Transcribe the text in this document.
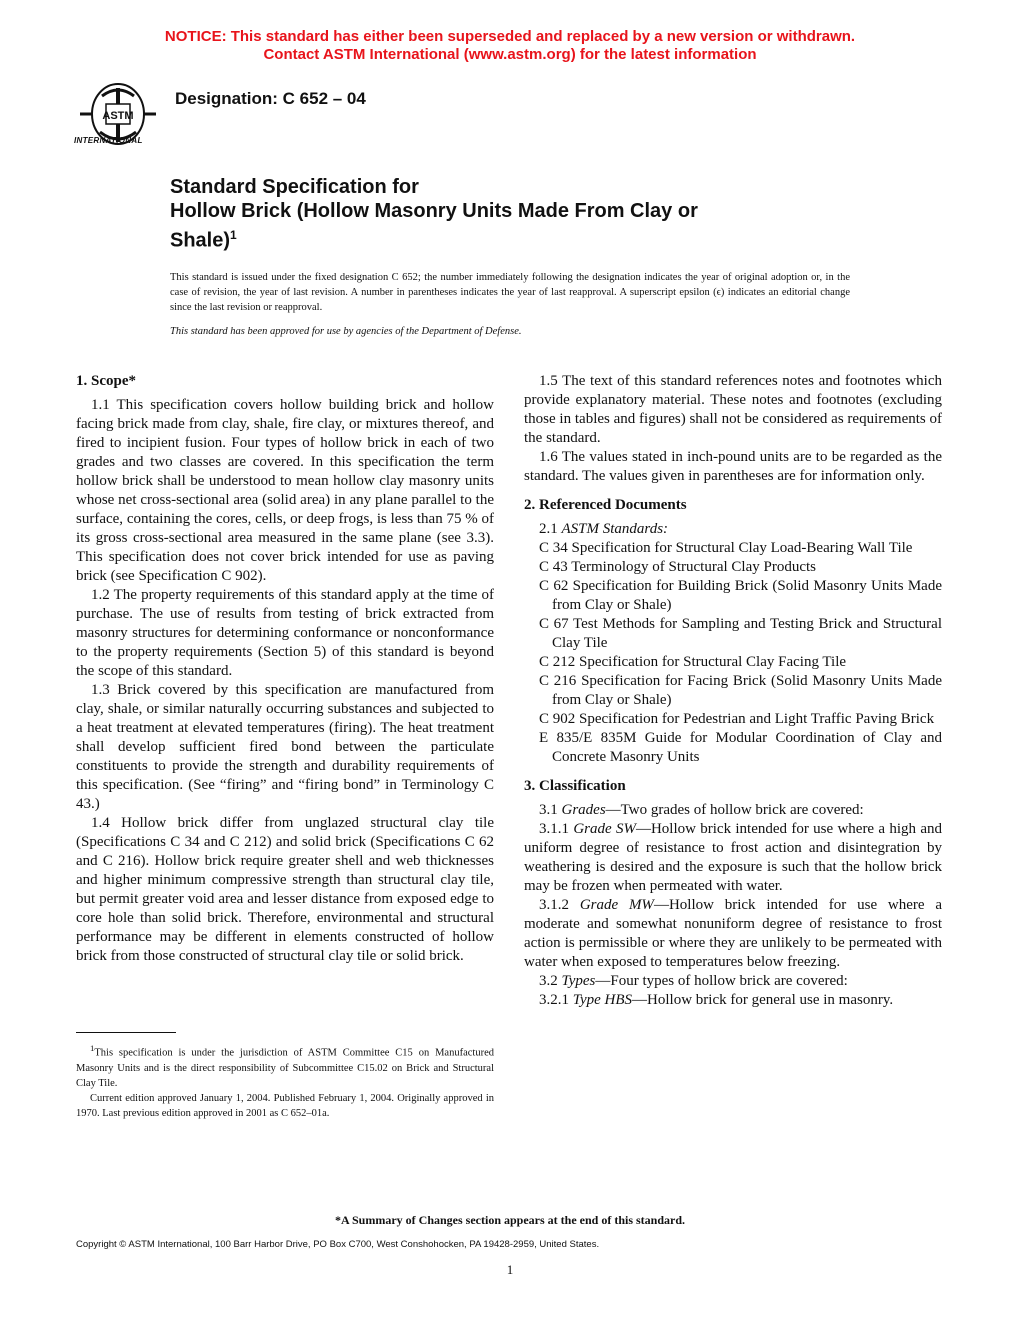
NOTICE: This standard has either been superseded and replaced by a new version or withdrawn.
Contact ASTM International (www.astm.org) for the latest information
ASTM
INTERNATIONAL
Designation: C 652 – 04
Standard Specification for
Hollow Brick (Hollow Masonry Units Made From Clay or
Shale)$^1$
This standard is issued under the fixed designation C 652; the number immediately following the designation indicates the year of original adoption or, in the case of revision, the year of last revision. A number in parentheses indicates the year of last reapproval. A superscript epsilon (ϵ) indicates an editorial change since the last revision or reapproval.
This standard has been approved for use by agencies of the Department of Defense.
1. Scope*

1.1 This specification covers hollow building brick and hollow facing brick made from clay, shale, fire clay, or mixtures thereof, and fired to incipient fusion. Four types of hollow brick in each of two grades and two classes are covered. In this specification the term hollow brick shall be understood to mean hollow clay masonry units whose net cross-sectional area (solid area) in any plane parallel to the surface, containing the cores, cells, or deep frogs, is less than 75 % of its gross cross-sectional area measured in the same plane (see 3.3). This specification does not cover brick intended for use as paving brick (see Specification C 902).

1.2 The property requirements of this standard apply at the time of purchase. The use of results from testing of brick extracted from masonry structures for determining conformance or nonconformance to the property requirements (Section 5) of this standard is beyond the scope of this standard.

1.3 Brick covered by this specification are manufactured from clay, shale, or similar naturally occurring substances and subjected to a heat treatment at elevated temperatures (firing). The heat treatment shall develop sufficient fired bond between the particulate constituents to provide the strength and durability requirements of this specification. (See “firing” and “firing bond” in Terminology C 43.)

1.4 Hollow brick differ from unglazed structural clay tile (Specifications C 34 and C 212) and solid brick (Specifications C 62 and C 216). Hollow brick require greater shell and web thicknesses and higher minimum compressive strength than structural clay tile, but permit greater void area and lesser distance from exposed edge to core hole than solid brick. Therefore, environmental and structural performance may be different in elements constructed of hollow brick from those constructed of structural clay tile or solid brick.

1.5 The text of this standard references notes and footnotes which provide explanatory material. These notes and footnotes (excluding those in tables and figures) shall not be considered as requirements of the standard.

1.6 The values stated in inch-pound units are to be regarded as the standard. The values given in parentheses are for information only.

2. Referenced Documents

2.1 ASTM Standards:

C 34 Specification for Structural Clay Load-Bearing Wall Tile

C 43 Terminology of Structural Clay Products

C 62 Specification for Building Brick (Solid Masonry Units Made from Clay or Shale)

C 67 Test Methods for Sampling and Testing Brick and Structural Clay Tile

C 212 Specification for Structural Clay Facing Tile

C 216 Specification for Facing Brick (Solid Masonry Units Made from Clay or Shale)

C 902 Specification for Pedestrian and Light Traffic Paving Brick

E 835/E 835M Guide for Modular Coordination of Clay and Concrete Masonry Units

3. Classification

3.1 Grades—Two grades of hollow brick are covered:

3.1.1 Grade SW—Hollow brick intended for use where a high and uniform degree of resistance to frost action and disintegration by weathering is desired and the exposure is such that the hollow brick may be frozen when permeated with water.

3.1.2 Grade MW—Hollow brick intended for use where a moderate and somewhat nonuniform degree of resistance to frost action is permissible or where they are unlikely to be permeated with water when exposed to temperatures below freezing.

3.2 Types—Four types of hollow brick are covered:

3.2.1 Type HBS—Hollow brick for general use in masonry.

$^1$This specification is under the jurisdiction of ASTM Committee C15 on Manufactured Masonry Units and is the direct responsibility of Subcommittee C15.02 on Brick and Structural Clay Tile.

Current edition approved January 1, 2004. Published February 1, 2004. Originally approved in 1970. Last previous edition approved in 2001 as C 652–01a.

*A Summary of Changes section appears at the end of this standard.
Copyright © ASTM International, 100 Barr Harbor Drive, PO Box C700, West Conshohocken, PA 19428-2959, United States.
1
